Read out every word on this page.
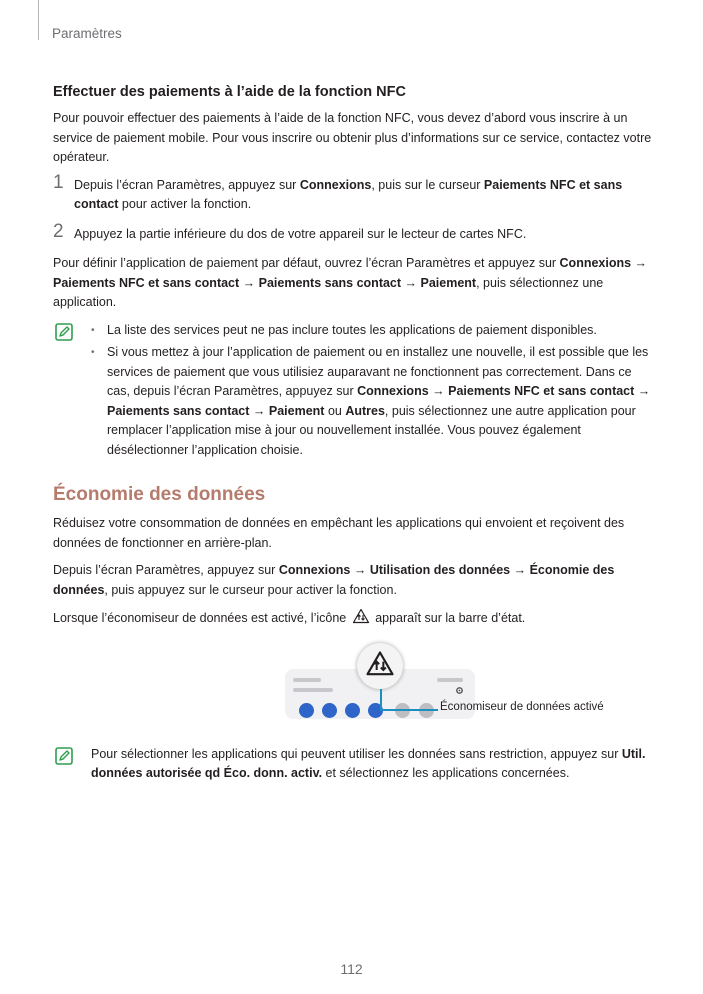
Paramètres
Effectuer des paiements à l’aide de la fonction NFC

Pour pouvoir effectuer des paiements à l’aide de la fonction NFC, vous devez d’abord vous inscrire à un service de paiement mobile. Pour vous inscrire ou obtenir plus d’informations sur ce service, contactez votre opérateur.

1 Depuis l’écran Paramètres, appuyez sur Connexions, puis sur le curseur Paiements NFC et sans contact pour activer la fonction.
2 Appuyez la partie inférieure du dos de votre appareil sur le lecteur de cartes NFC.

Pour définir l’application de paiement par défaut, ouvrez l’écran Paramètres et appuyez sur Connexions → Paiements NFC et sans contact → Paiements sans contact → Paiement, puis sélectionnez une application.

• La liste des services peut ne pas inclure toutes les applications de paiement disponibles.
• Si vous mettez à jour l’application de paiement ou en installez une nouvelle, il est possible que les services de paiement que vous utilisiez auparavant ne fonctionnent pas correctement. Dans ce cas, depuis l’écran Paramètres, appuyez sur Connexions → Paiements NFC et sans contact → Paiements sans contact → Paiement ou Autres, puis sélectionnez une autre application pour remplacer l’application mise à jour ou nouvellement installée. Vous pouvez également désélectionner l’application choisie.
Économie des données

Réduisez votre consommation de données en empêchant les applications qui envoient et reçoivent des données de fonctionner en arrière-plan.

Depuis l’écran Paramètres, appuyez sur Connexions → Utilisation des données → Économie des données, puis appuyez sur le curseur pour activer la fonction.

Lorsque l’économiseur de données est activé, l’icône  apparaît sur la barre d’état.

Économiseur de données activé

Pour sélectionner les applications qui peuvent utiliser les données sans restriction, appuyez sur Util. données autorisée qd Éco. donn. activ. et sélectionnez les applications concernées.

112
